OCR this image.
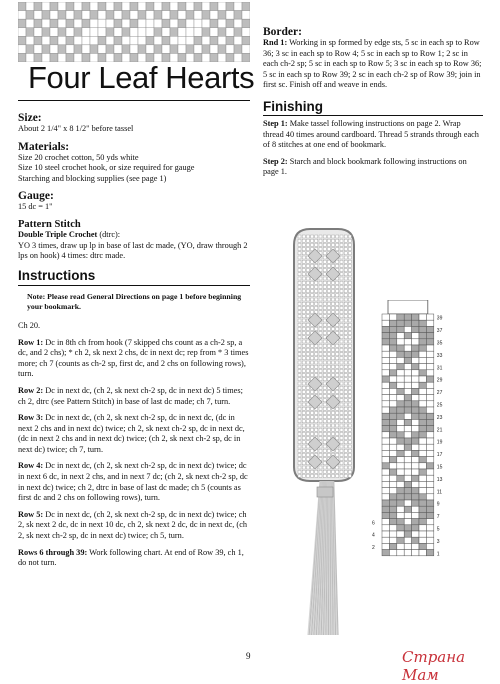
Four Leaf Hearts
Size:
About 2 1/4" x 8 1/2" before tassel
Materials:
Size 20 crochet cotton, 50 yds white
Size 10 steel crochet hook, or size required for gauge
Starching and blocking supplies (see page 1)
Gauge:
15 dc = 1"
Pattern Stitch
Double Triple Crochet (dtrc):
YO 3 times, draw up lp in base of last dc made, (YO, draw through 2 lps on hook) 4 times: dtrc made.
Instructions
Note: Please read General Directions on page 1 before beginning your bookmark.
Ch 20.
Row 1: Dc in 8th ch from hook (7 skipped chs count as a ch-2 sp, a dc, and 2 chs); * ch 2, sk next 2 chs, dc in next dc; rep from * 3 times more; ch 7 (counts as ch-2 sp, first dc, and 2 chs on following rows), turn.
Row 2: Dc in next dc, (ch 2, sk next ch-2 sp, dc in next dc) 5 times; ch 2, dtrc (see Pattern Stitch) in base of last dc made; ch 7, turn.
Row 3: Dc in next dc, (ch 2, sk next ch-2 sp, dc in next dc, (dc in next 2 chs and in next dc) twice; ch 2, sk next ch-2 sp, dc in next dc, (dc in next 2 chs and in next dc) twice; (ch 2, sk next ch-2 sp, dc in next dc) twice; ch 7, turn.
Row 4: Dc in next dc, (ch 2, sk next ch-2 sp, dc in next dc) twice; dc in next 6 dc, in next 2 chs, and in next 7 dc; (ch 2, sk next ch-2 sp, dc in next dc) twice; ch 2, dtrc in base of last dc made; ch 5 (counts as first dc and 2 chs on following rows), turn.
Row 5: Dc in next dc, (ch 2, sk next ch-2 sp, dc in next dc) twice; ch 2, sk next 2 dc, dc in next 10 dc, ch 2, sk next 2 dc, dc in next dc, (ch 2, sk next ch-2 sp, dc in next dc) twice; ch 5, turn.
Rows 6 through 39: Work following chart. At end of Row 39, ch 1, do not turn.
Border:
Rnd 1: Working in sp formed by edge sts, 5 sc in each sp to Row 36; 3 sc in each sp to Row 4; 5 sc in each sp to Row 1; 2 sc in each ch-2 sp; 5 sc in each sp to Row 5; 3 sc in each sp to Row 36; 5 sc in each sp to Row 39; 2 sc in each ch-2 sp of Row 39; join in first sc. Finish off and weave in ends.
Finishing
Step 1: Make tassel following instructions on page 2. Wrap thread 40 times around cardboard. Thread 5 strands through each of 8 stitches at one end of bookmark.
Step 2: Starch and block bookmark following instructions on page 1.
39
37
35
33
31
29
27
25
23
21
19
17
15
13
11
9
7
5
3
1
6
4
2
9	Страна Мам
